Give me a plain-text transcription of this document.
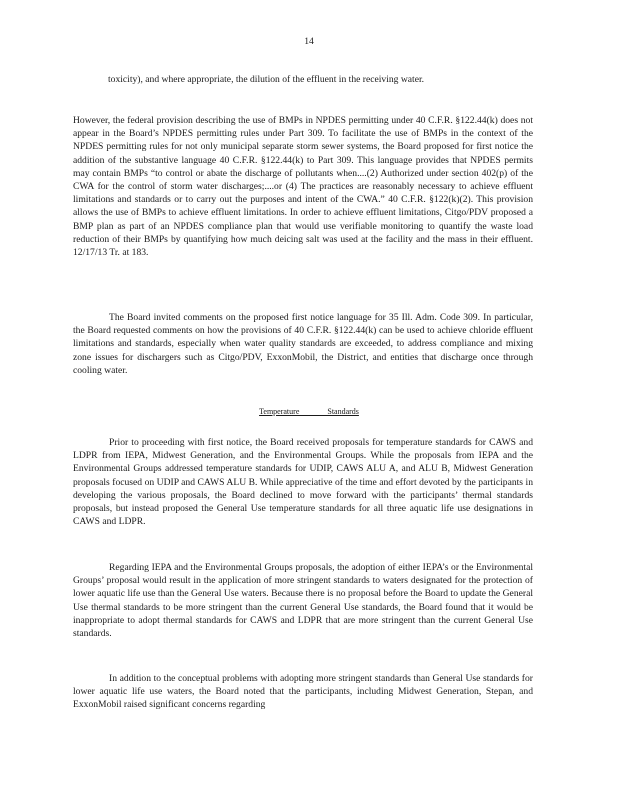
14

toxicity), and where appropriate, the dilution of the effluent in the receiving water.

However, the federal provision describing the use of BMPs in NPDES permitting under 40 C.F.R. §122.44(k) does not appear in the Board’s NPDES permitting rules under Part 309. To facilitate the use of BMPs in the context of the NPDES permitting rules for not only municipal separate storm sewer systems, the Board proposed for first notice the addition of the substantive language 40 C.F.R. §122.44(k) to Part 309. This language provides that NPDES permits may contain BMPs “to control or abate the discharge of pollutants when....(2) Authorized under section 402(p) of the CWA for the control of storm water discharges;....or (4) The practices are reasonably necessary to achieve effluent limitations and standards or to carry out the purposes and intent of the CWA.” 40 C.F.R. §122(k)(2). This provision allows the use of BMPs to achieve effluent limitations. In order to achieve effluent limitations, Citgo/PDV proposed a BMP plan as part of an NPDES compliance plan that would use verifiable monitoring to quantify the waste load reduction of their BMPs by quantifying how much deicing salt was used at the facility and the mass in their effluent. 12/17/13 Tr. at 183.

The Board invited comments on the proposed first notice language for 35 Ill. Adm. Code 309. In particular, the Board requested comments on how the provisions of 40 C.F.R. §122.44(k) can be used to achieve chloride effluent limitations and standards, especially when water quality standards are exceeded, to address compliance and mixing zone issues for dischargers such as Citgo/PDV, ExxonMobil, the District, and entities that discharge once through cooling water.

Temperature Standards

Prior to proceeding with first notice, the Board received proposals for temperature standards for CAWS and LDPR from IEPA, Midwest Generation, and the Environmental Groups. While the proposals from IEPA and the Environmental Groups addressed temperature standards for UDIP, CAWS ALU A, and ALU B, Midwest Generation proposals focused on UDIP and CAWS ALU B. While appreciative of the time and effort devoted by the participants in developing the various proposals, the Board declined to move forward with the participants’ thermal standards proposals, but instead proposed the General Use temperature standards for all three aquatic life use designations in CAWS and LDPR.

Regarding IEPA and the Environmental Groups proposals, the adoption of either IEPA’s or the Environmental Groups’ proposal would result in the application of more stringent standards to waters designated for the protection of lower aquatic life use than the General Use waters. Because there is no proposal before the Board to update the General Use thermal standards to be more stringent than the current General Use standards, the Board found that it would be inappropriate to adopt thermal standards for CAWS and LDPR that are more stringent than the current General Use standards.

In addition to the conceptual problems with adopting more stringent standards than General Use standards for lower aquatic life use waters, the Board noted that the participants, including Midwest Generation, Stepan, and ExxonMobil raised significant concerns regarding
